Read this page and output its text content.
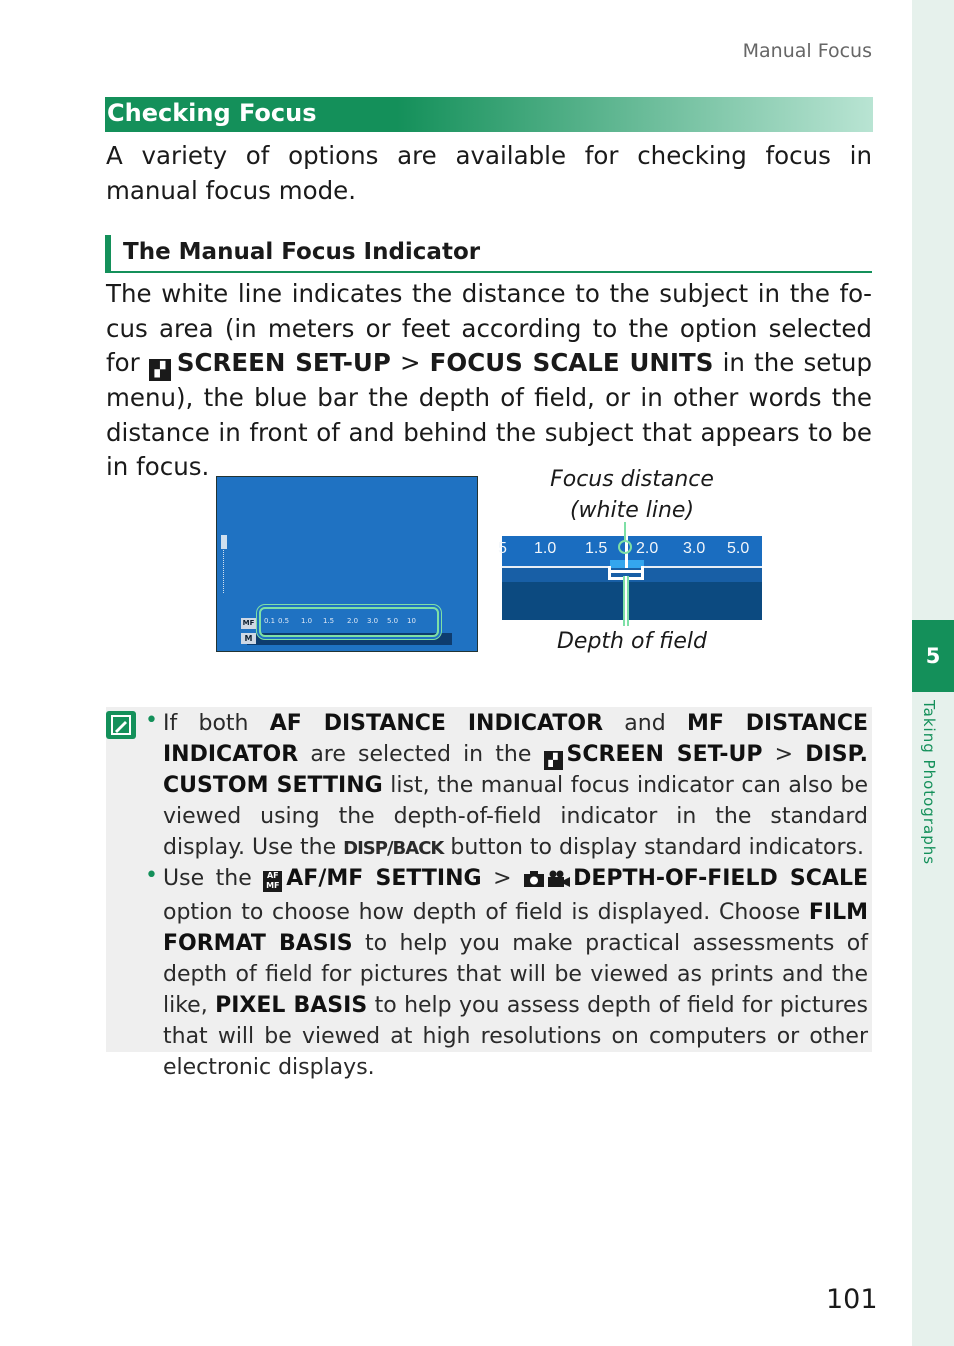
5
Taking Photographs
Manual Focus
Checking Focus
A variety of options are available for checking focus in manual focus mode.
The Manual Focus Indicator
The white line indicates the distance to the subject in the focus area (in meters or feet according to the option selected for ▞ SCREEN SET-UP > FOCUS SCALE UNITS in the setup menu), the blue bar the depth of field, or in other words the distance in front of and behind the subject that appears to be in focus.
MF
M
0.1 0.5 1.0 1.5 2.0 3.0 5.0 10
5 1.0 1.5 2.0 3.0 5.0
Focus distance
(white line)
Depth of field
• If both AF DISTANCE INDICATOR and MF DISTANCE INDICATOR are selected in the ▞ SCREEN SET-UP > DISP. CUSTOM SETTING list, the manual focus indicator can also be viewed using the depth-of-field indicator in the standard display. Use the DISP/BACK button to display standard indicators.
• Use the AF
MF AF/MF SETTING > DEPTH-OF-FIELD SCALE option to choose how depth of field is displayed. Choose FILM FORMAT BASIS to help you make practical assessments of depth of field for pictures that will be viewed as prints and the like, PIXEL BASIS to help you assess depth of field for pictures that will be viewed at high resolutions on computers or other electronic displays.
101
